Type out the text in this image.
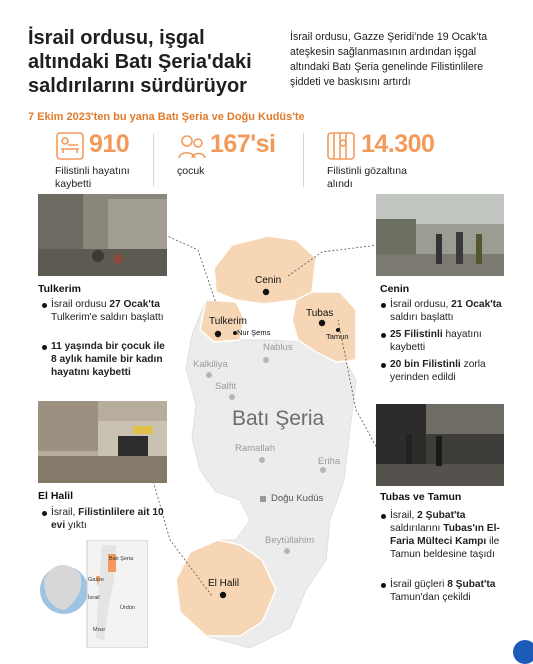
İsrail ordusu, işgal altındaki Batı Şeria'daki saldırılarını sürdürüyor
İsrail ordusu, Gazze Şeridi'nde 19 Ocak'ta ateşkesin sağlanmasının ardından işgal altındaki Batı Şeria genelinde Filistinlilere şiddeti ve baskısını artırdı
7 Ekim 2023'ten bu yana Batı Şeria ve Doğu Kudüs'te
910
Filistinli hayatını kaybetti
167'si
çocuk
14.300
Filistinli gözaltına alındı
Cenin
Tulkerim
Nur Şems
Tubas
Tamun
Nablus
Kalkiliya
Salfit
Batı Şeria
Ramallah
Eriha
Doğu Kudüs
Beytüllahim
El Halil
Tulkerim
İsrail ordusu 27 Ocak'ta Tulkerim'e saldırı başlattı
11 yaşında bir çocuk ile 8 aylık hamile bir kadın hayatını kaybetti
Cenin
İsrail ordusu, 21 Ocak'ta saldırı başlattı
25 Filistinli hayatını kaybetti
20 bin Filistinli zorla yerinden edildi
El Halil
İsrail, Filistinlilere ait 10 evi yıktı
Tubas ve Tamun
İsrail, 2 Şubat'ta saldırılarını Tubas'ın El-Faria Mülteci Kampı ile Tamun beldesine taşıdı
İsrail güçleri 8 Şubat'ta Tamun'dan çekildi
Batı Şeria
Gazze
İsrail
Ürdün
Mısır
